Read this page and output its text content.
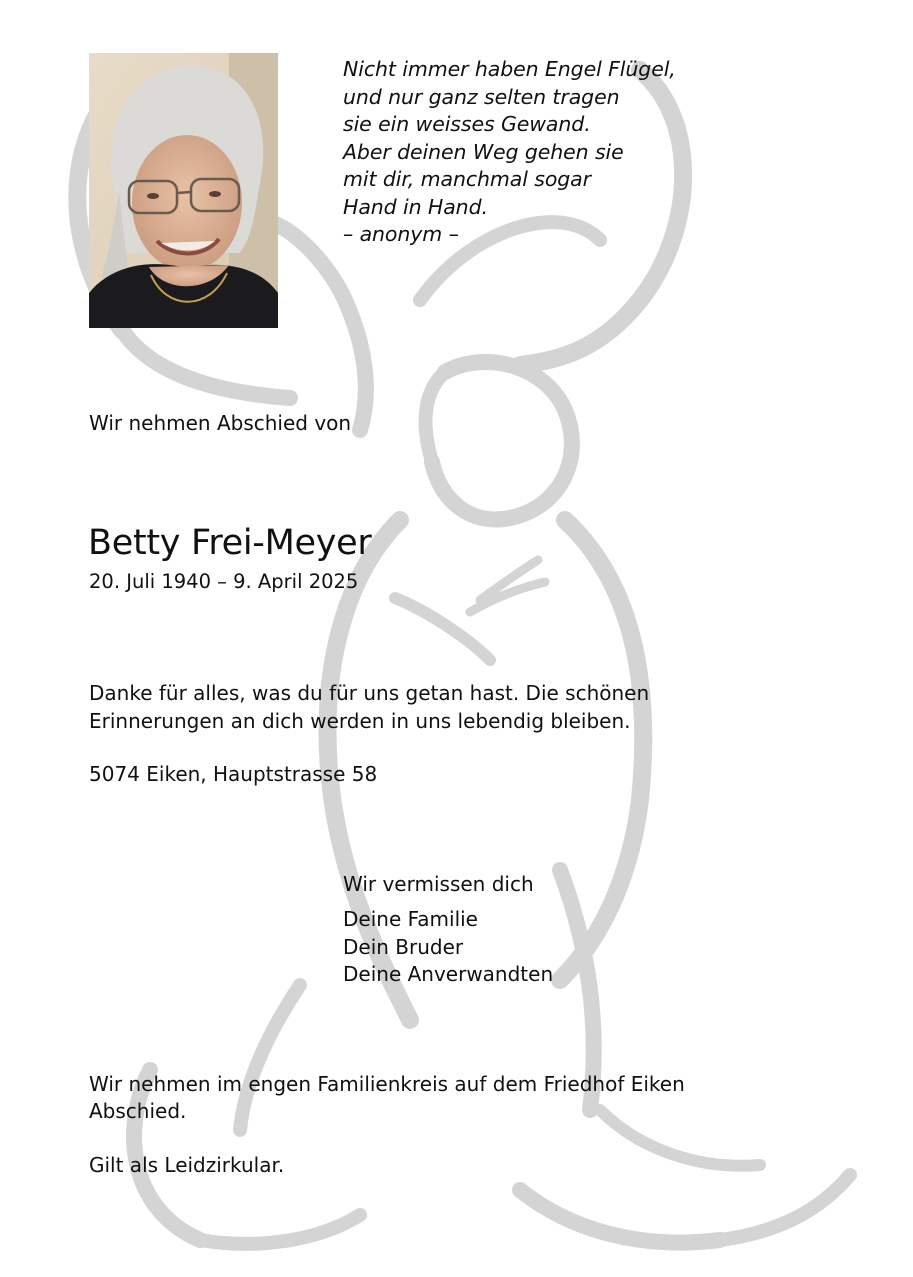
Nicht immer haben Engel Flügel,
und nur ganz selten tragen
sie ein weisses Gewand.
Aber deinen Weg gehen sie
mit dir, manchmal sogar
Hand in Hand.
– anonym –
Wir nehmen Abschied von
Betty Frei-Meyer
20. Juli 1940 – 9. April 2025
Danke für alles, was du für uns getan hast. Die schönen
Erinnerungen an dich werden in uns lebendig bleiben.
5074 Eiken, Hauptstrasse 58
Wir vermissen dich
Deine Familie
Dein Bruder
Deine Anverwandten
Wir nehmen im engen Familienkreis auf dem Friedhof Eiken
Abschied.
Gilt als Leidzirkular.
